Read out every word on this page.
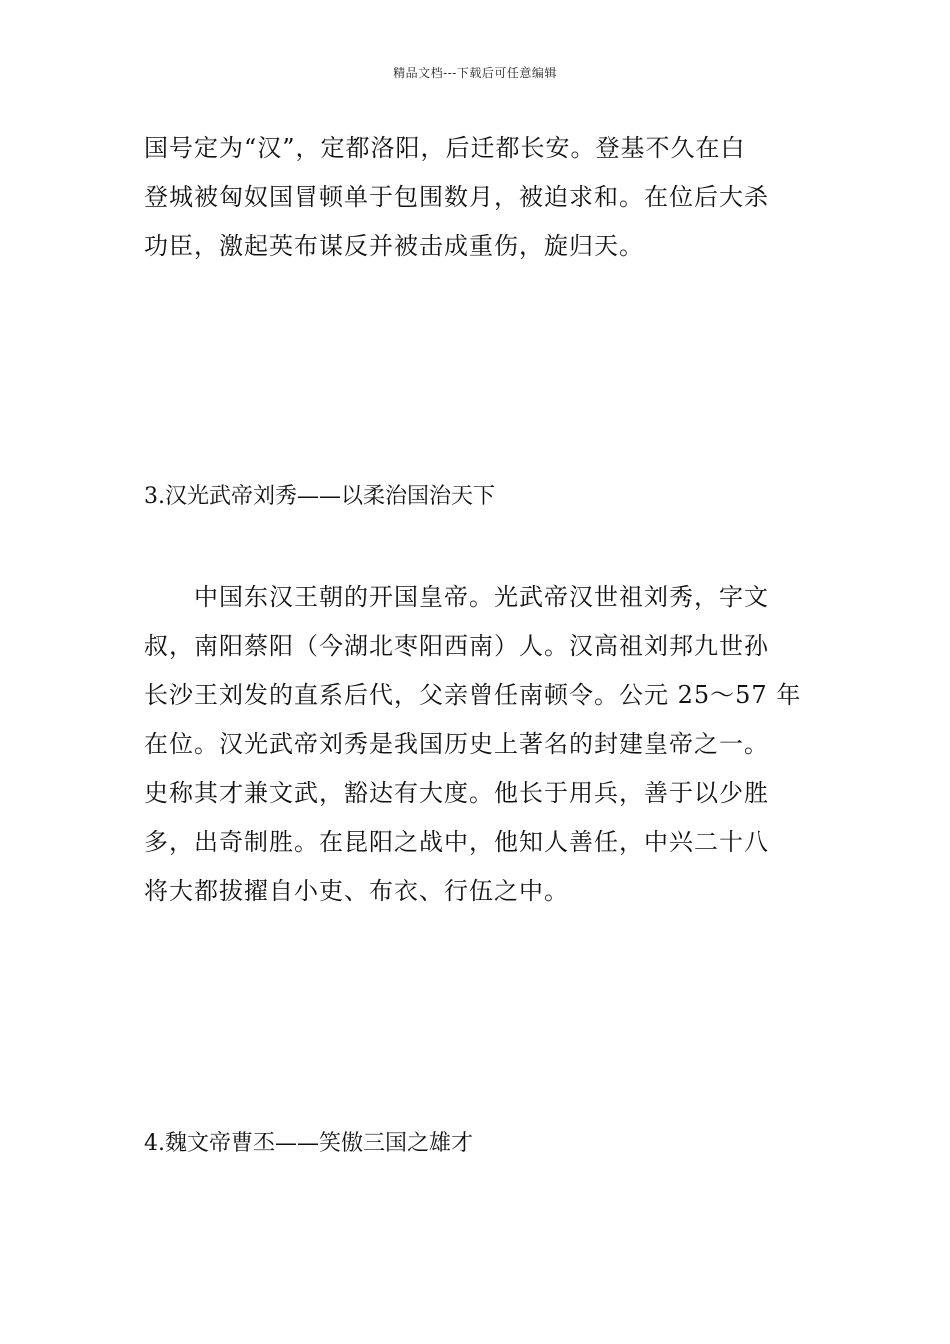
精品文档---下载后可任意编辑

国号定为“汉”，定都洛阳，后迁都长安。登基不久在白
登城被匈奴国冒顿单于包围数月，被迫求和。在位后大杀
功臣，激起英布谋反并被击成重伤，旋归天。

3.汉光武帝刘秀——以柔治国治天下

　　中国东汉王朝的开国皇帝。光武帝汉世祖刘秀，字文
叔，南阳蔡阳（今湖北枣阳西南）人。汉高祖刘邦九世孙
长沙王刘发的直系后代，父亲曾任南顿令。公元 25～57 年
在位。汉光武帝刘秀是我国历史上著名的封建皇帝之一。
史称其才兼文武，豁达有大度。他长于用兵，善于以少胜
多，出奇制胜。在昆阳之战中，他知人善任，中兴二十八
将大都拔擢自小吏、布衣、行伍之中。

4.魏文帝曹丕——笑傲三国之雄才
